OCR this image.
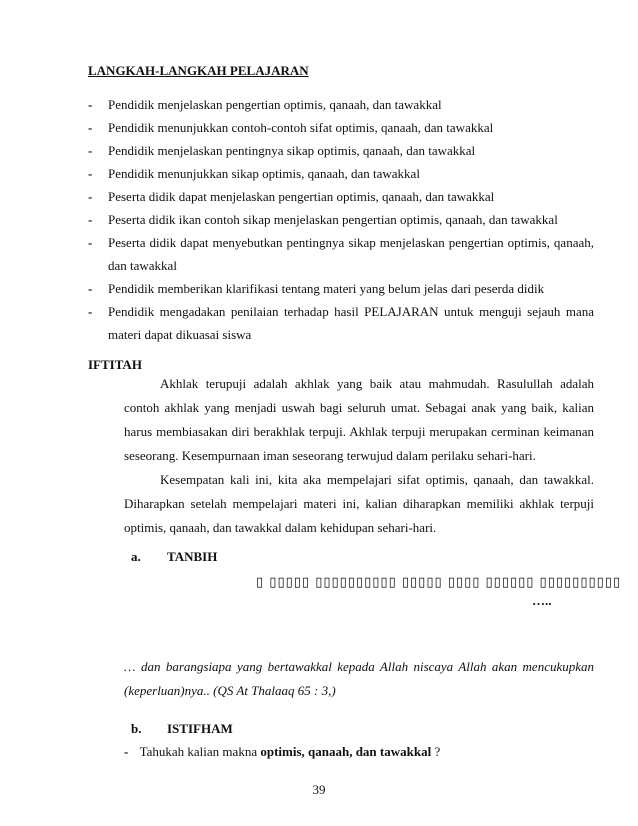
LANGKAH-LANGKAH PELAJARAN
- Pendidik menjelaskan pengertian optimis, qanaah, dan tawakkal
- Pendidik menunjukkan contoh-contoh sifat optimis, qanaah, dan tawakkal
- Pendidik menjelaskan pentingnya sikap optimis, qanaah, dan tawakkal
- Pendidik menunjukkan sikap optimis, qanaah, dan tawakkal
- Peserta didik dapat menjelaskan pengertian optimis, qanaah, dan tawakkal
- Peserta didik ikan contoh sikap menjelaskan pengertian optimis, qanaah, dan tawakkal
- Peserta didik dapat menyebutkan pentingnya sikap menjelaskan pengertian optimis, qanaah, dan tawakkal
- Pendidik memberikan klarifikasi tentang materi yang belum jelas dari peserda didik
- Pendidik mengadakan penilaian terhadap hasil PELAJARAN untuk menguji sejauh mana materi dapat dikuasai siswa
IFTITAH

Akhlak terupuji adalah akhlak yang baik atau mahmudah. Rasulullah adalah contoh akhlak yang menjadi uswah bagi seluruh umat. Sebagai anak yang baik, kalian harus membiasakan diri berakhlak terpuji. Akhlak terpuji merupakan cerminan keimanan seseorang. Kesempurnaan iman seseorang terwujud dalam perilaku sehari-hari.

Kesempatan kali ini, kita aka mempelajari sifat optimis, qanaah, dan tawakkal. Diharapkan setelah mempelajari materi ini, kalian diharapkan memiliki akhlak terpuji optimis, qanaah, dan tawakkal dalam kehidupan sehari-hari.

a. TANBIH
▯ ▯▯▯▯▯ ▯▯▯▯▯▯▯▯▯▯ ▯▯▯▯▯ ▯▯▯▯ ▯▯▯▯▯▯ ▯▯▯▯▯▯▯▯▯▯
…..
… dan barangsiapa yang bertawakkal kepada Allah niscaya Allah akan mencukupkan (keperluan)nya.. (QS At Thalaaq 65 : 3,)
b. ISTIFHAM
- Tahukah kalian makna optimis, qanaah, dan tawakkal ?
39
